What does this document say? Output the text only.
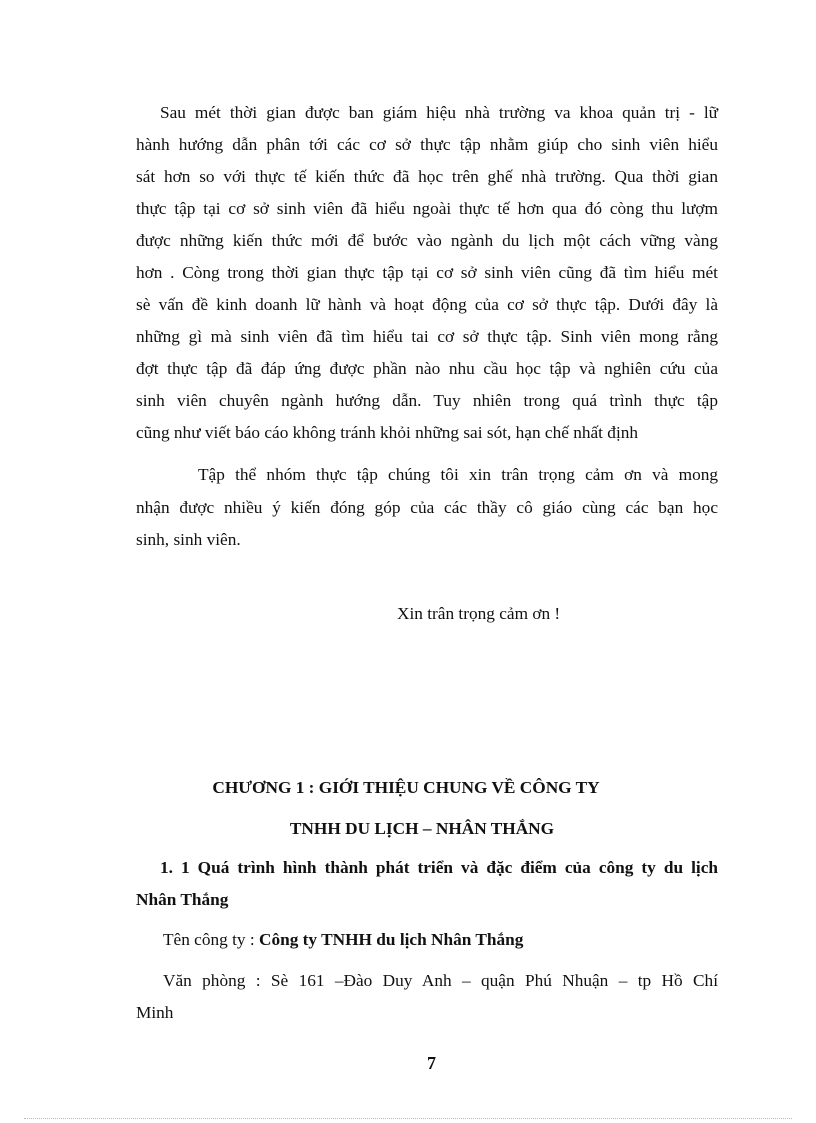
Sau mét thời gian được ban giám hiệu nhà trường va khoa quản trị - lữ

hành hướng dẫn phân tới các cơ sở thực tập nhằm giúp cho sinh viên hiểu

sát hơn so với thực tế kiến thức đã học trên ghế nhà trường. Qua thời gian

thực tập tại cơ sở sinh viên đã hiểu ngoài thực tế hơn qua đó còng thu lượm

được những kiến thức mới để bước vào ngành du lịch một cách vững vàng

hơn . Còng trong thời gian thực tập tại cơ sở sinh viên cũng đã tìm hiểu mét

sè vấn đề kinh doanh lữ hành và hoạt động của cơ sở thực tập. Dưới đây là

những gì mà sinh viên đã tìm hiểu tai cơ sở thực tập. Sinh viên mong rằng

đợt thực tập đã đáp ứng được phần nào nhu cầu học tập và nghiên cứu của

sinh viên chuyên ngành hướng dẫn. Tuy nhiên trong quá trình thực tập

cũng như viết báo cáo không tránh khỏi những sai sót, hạn chế nhất định

Tập thể nhóm thực tập chúng tôi xin trân trọng cảm ơn và mong

nhận được nhiều ý kiến đóng góp của các thầy cô giáo cùng các bạn học

sinh, sinh viên.

Xin trân trọng cảm ơn !

CHƯƠNG 1 : GIỚI THIỆU CHUNG VỀ CÔNG TY

TNHH DU LỊCH – NHÂN THẮNG

1. 1 Quá trình hình thành phát triển và đặc điểm của công ty du lịch

Nhân Thắng

Tên công ty : Công ty TNHH du lịch Nhân Thắng

Văn phòng : Sè 161 –Đào Duy Anh – quận Phú Nhuận – tp Hồ Chí

Minh

7
